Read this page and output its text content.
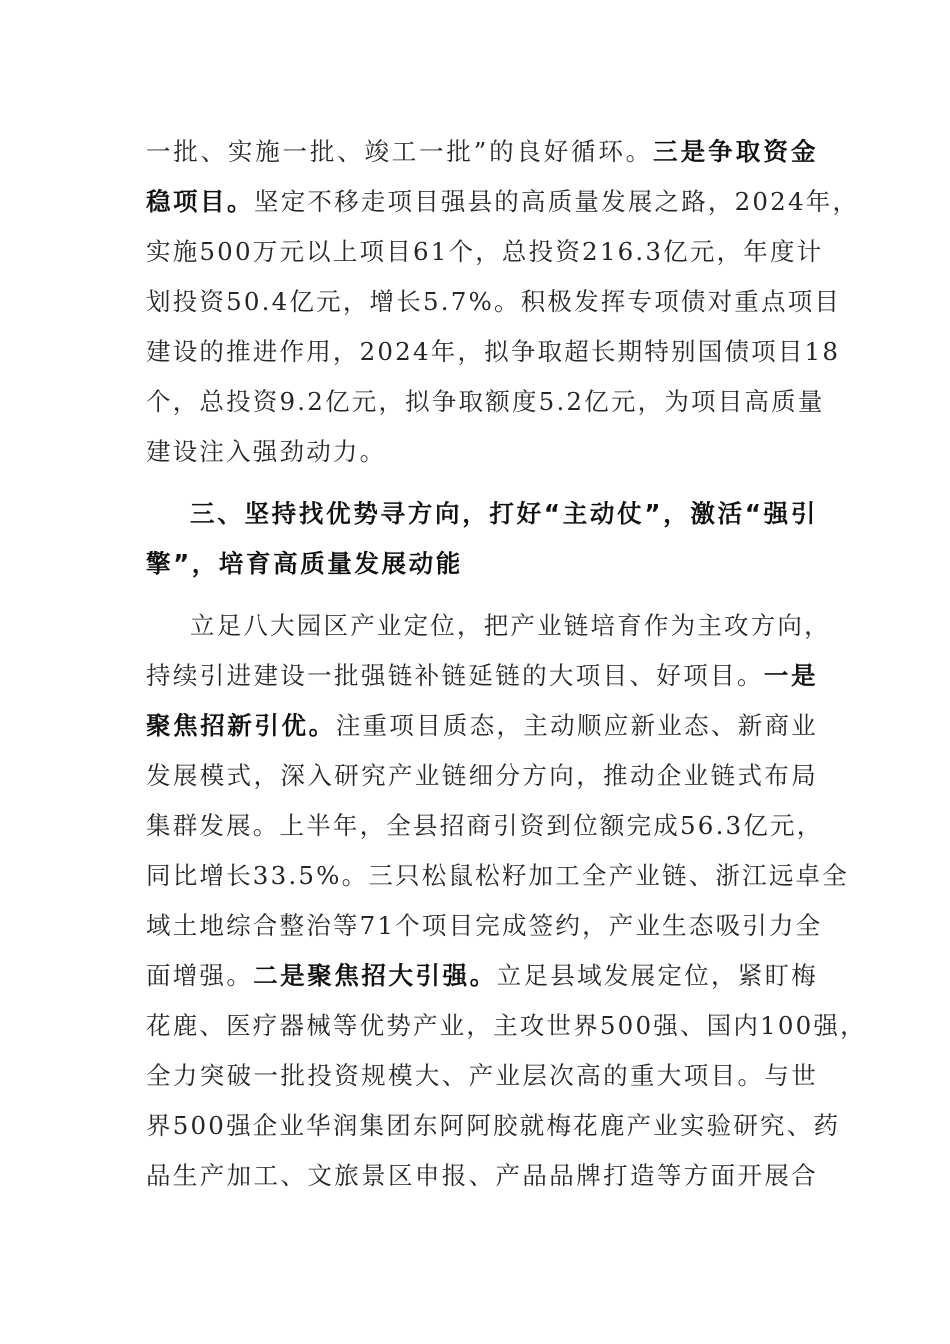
一批、实施一批、竣工一批”的良好循环。三是争取资金
稳项目。坚定不移走项目强县的高质量发展之路，2024年，
实施500万元以上项目61个，总投资216.3亿元，年度计
划投资50.4亿元，增长5.7%。积极发挥专项债对重点项目
建设的推进作用，2024年，拟争取超长期特别国债项目18
个，总投资9.2亿元，拟争取额度5.2亿元，为项目高质量
建设注入强劲动力。
三、坚持找优势寻方向，打好“主动仗”，激活“强引
擎”，培育高质量发展动能
立足八大园区产业定位，把产业链培育作为主攻方向，
持续引进建设一批强链补链延链的大项目、好项目。一是
聚焦招新引优。注重项目质态，主动顺应新业态、新商业
发展模式，深入研究产业链细分方向，推动企业链式布局
集群发展。上半年，全县招商引资到位额完成56.3亿元，
同比增长33.5%。三只松鼠松籽加工全产业链、浙江远卓全
域土地综合整治等71个项目完成签约，产业生态吸引力全
面增强。二是聚焦招大引强。立足县域发展定位，紧盯梅
花鹿、医疗器械等优势产业，主攻世界500强、国内100强，
全力突破一批投资规模大、产业层次高的重大项目。与世
界500强企业华润集团东阿阿胶就梅花鹿产业实验研究、药
品生产加工、文旅景区申报、产品品牌打造等方面开展合
